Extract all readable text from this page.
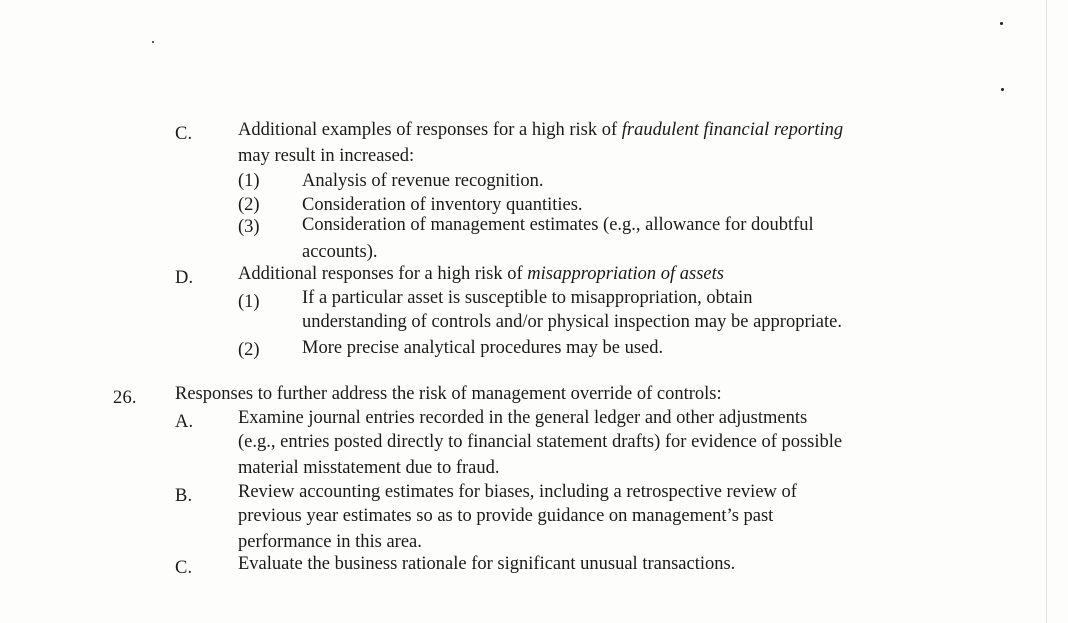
C. Additional examples of responses for a high risk of fraudulent financial reporting
may result in increased:
(1) Analysis of revenue recognition.
(2) Consideration of inventory quantities.
(3) Consideration of management estimates (e.g., allowance for doubtful
accounts).
D. Additional responses for a high risk of misappropriation of assets
(1) If a particular asset is susceptible to misappropriation, obtain
understanding of controls and/or physical inspection may be appropriate.
(2) More precise analytical procedures may be used.
26. Responses to further address the risk of management override of controls:
A. Examine journal entries recorded in the general ledger and other adjustments
(e.g., entries posted directly to financial statement drafts) for evidence of possible
material misstatement due to fraud.
B. Review accounting estimates for biases, including a retrospective review of
previous year estimates so as to provide guidance on management’s past
performance in this area.
C. Evaluate the business rationale for significant unusual transactions.
